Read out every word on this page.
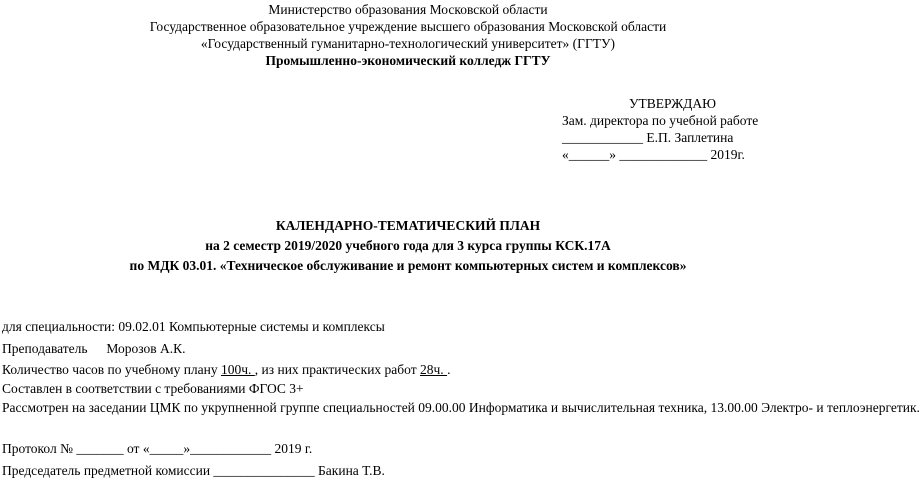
Министерство образования Московской области
Государственное образовательное учреждение высшего образования Московской области
«Государственный гуманитарно-технологический университет» (ГГТУ)
Промышленно-экономический колледж ГГТУ
УТВЕРЖДАЮ
Зам. директора по учебной работе
____________ Е.П. Заплетина
«______» _____________ 2019г.
КАЛЕНДАРНО-ТЕМАТИЧЕСКИЙ ПЛАН
на 2 семестр 2019/2020 учебного года для 3 курса группы КСК.17А
по МДК 03.01. «Техническое обслуживание и ремонт компьютерных систем и комплексов»
для специальности: 09.02.01 Компьютерные системы и комплексы
Преподаватель Морозов А.К.
Количество часов по учебному плану 100ч. , из них практических работ 28ч. .
Составлен в соответствии с требованиями ФГОС 3+
Рассмотрен на заседании ЦМК по укрупненной группе специальностей 09.00.00 Информатика и вычислительная техника, 13.00.00 Электро- и теплоэнергетик.
Протокол № _______ от «_____»____________ 2019 г.
Председатель предметной комиссии _______________ Бакина Т.В.
